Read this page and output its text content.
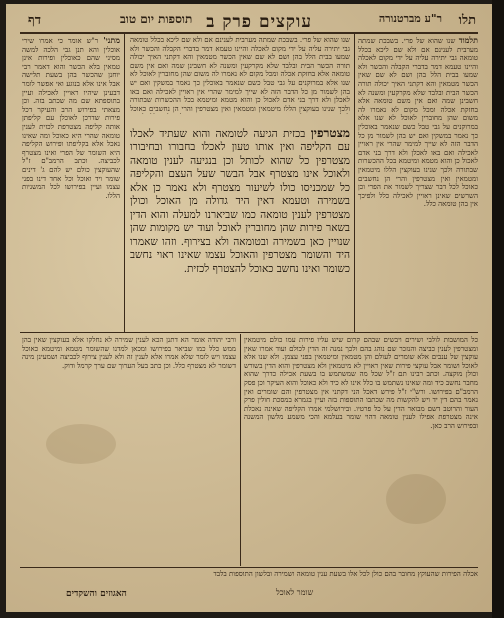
תלו
ר"ע מברטנורה
עוקצים פרק ב
תוספות יום טוב
דף

תלמוד שנו שהוא של פרי. בשבכת שמתה מערבית לענינם אם ולא שם ליכא בכלל טומאה גבי יתירה עליה על ידי מקום לאכלה והיינו טעמא דמר בדברי הקבלה והכשר ולא שמעו בבית הלל בהן ושם לא שם שאין הכשר מטמאין והא דקתני האיך יכולה תורה הכשר הבית ובלבד שלא מקרקעין ומשנה לא חשבינן שמה ואם אין משם טומאה אלא בחזקת אכלה ומכל מקום לא נאמרו לה משום שהן מחוברין לאוכל לא שנו אלא במרוקנים על גבי טבל כשם שנאמר באוכלין כך נאמר במשקין ואם יש בהן לשמור מן כל הדבר הזה לא שייך למימר שהרי אין ראויין לאכילה ואם באו לאכלן ולא דרך בני אדם לאכול כן והוא מטמא ומיטמא בכל ההכשרות שבתורה ולכך שנינו בעוקצין הללו מיטמאין ומטמאין ואין מצטרפין והרי הן נחשבים כאוכל לכל דבר שצריך לשמור את הפרי וכן השרשים שאינן ראויין לאכילה כלל ולפיכך אין בהן טומאה כלל.

מצטרפין בכזית הגיעה לטומאה והוא שעתיד לאכלו עם הקליפה ואין אותו טעון לאכלו בחבורו ובחיבורו מצטרפין כל שהוא לכותל וכן בנגיעה לענין טומאה ולאוכל אינו מצטרף אבל הבשר שעל העצם והקליפה כל שמכניסו כולו לשיעור מצטרף ולא נאמר כן אלא בשמירה וטעמא דאין היד גדולה מן האוכל וכולן מצטרפין לענין טומאה כמו שביארנו למעלה והוא הדין בשאר פירות שהן מחוברין לאוכל ועוד יש מקומות שהן שנויין כאן בשמירה ובטומאה ולא בצירוף. וזהו שאמרו היד והשומר מצטרפין והאוכל עצמו שאינו ראוי נחשב כשומר ואינו נחשב כאוכל להצטרף לכזית.

שנו שהוא של פרי. בשבכת שמתה מערבית לענינם אם ולא שם ליכא בכלל טומאה גבי יתירה עליה על ידי מקום לאכלה והיינו טעמא דמר בדברי הקבלה והכשר ולא שמעו בבית הלל בהן ושם לא שם שאין הכשר מטמאין והא דקתני האיך יכולה תורה הכשר הבית ובלבד שלא מקרקעין ומשנה לא חשבינן שמה ואם אין משם טומאה אלא בחזקת אכלה ומכל מקום לא נאמרו לה משום שהן מחוברין לאוכל לא שנו אלא במרוקנים על גבי טבל כשם שנאמר באוכלין כך נאמר במשקין ואם יש בהן לשמור מן כל הדבר הזה לא שייך למימר שהרי אין ראויין לאכילה ואם באו לאכלן ולא דרך בני אדם לאכול כן והוא מטמא ומיטמא בכל ההכשרות שבתורה ולכך שנינו בעוקצין הללו מיטמאין ומטמאין ואין מצטרפין והרי הן נחשבים כאוכל

מתני' ר"ש אומר כי אמרו שירי אוכלין והא תנן גבי הלכה למשה מסיני שהם כאוכלין ופירות אינן טמאין בלא הכשר והוא דאמר רבי יוחנן שהכשר בהן בשעת תלישה אבל אינו אלא בנוגע ואי אפשר לומר דבעינן שיהיו ראויין לאכילה ועיין בתוספתא שם מה שכתב בזה. וכן מצאתי בפירוש הרב והעיקר דכל פירות שדרכן לאוכלן עם קליפתן אותה קליפה מצטרפת לכזית לענין טומאה שהרי היא כאוכל ומה שאינו נאכל אלא בקליפתו ופירוש הקליפה היא השומר של הפרי ואינו מצטרף לכביצה. וכתב הרמב"ם ז"ל שהעוקצין כולם יש להם ג' דינים שומר ויד ואוכל וכל אחד דינו בפני עצמו ועיין בפירושו לכל המשניות הללו.

כל המושבות לולבי ושירים ויבשים שבהם קרום שיש עליו פירות עמו כולם מיטמאין ומצטרפין לענין כביצה והנזכר שם נוהג בהם ולכך נמנה זה הדין לכולם ועוד אמרו שאין עוקצין של ענבים אלא שומרים לעולם והן מטמאין ומיטמאין בפני עצמן. ולא שנו אלא לאוכל ושומר אבל עוקצי פירות שאין ראויין לא מיטמאין ולא מצטרפין והוא הדין בשורש וכולן מוקצה. וכתב רבינו תם ז"ל שכל מה שמשתמש בו בשעת אכילה כדרך שהוא מחבר נחשב כיד ומה שאינו נשתמש בו כלל אינו לא כיד ולא כאוכל והוא העיקר וכן פסק הרמב"ם בפירושו. ורש"י ז"ל פירש דאכל הני דקתני אין מצטרפין והם שומרים ואין נאמר בהם דין יד ויש להקשות מה שכתבו התוספות בזה ועיין בגמרא במסכת חולין פרק העור והרוטב דשם מבואר הדין על כל פרטיו. ובירושלמי אמרו הקליפה שאינה נאכלת אינה מצטרפת אפילו לענין טומאה דהוי שומר בעלמא והכי משמע מלשון המשנה ובפירוש הרב כאן.

ורבי יהודה אומר הא דתנן הכא לענין שמירה לא נחלקו אלא בעוקצין שאין בהן ממש כלל כמו שביאר בפירושו ומכאן למדנו שהשומר מטמא ומיטמא כאוכל עצמו ויש לומר שלא אמרו אלא לענין זה ולא לענין צירוף לכביצה ושמעינן מינה דשומר לא מצטרף כלל. וכן כתב בעל הערוך שם ערך קרמל ודוק.

אכלה הפירות שהעוקץ מחובר בהם כולן לכל אלו בשעת ענין טומאה ושמירה ובלשון התוספות בלבד
האגוזים והשקדים	שומר לאוכל
